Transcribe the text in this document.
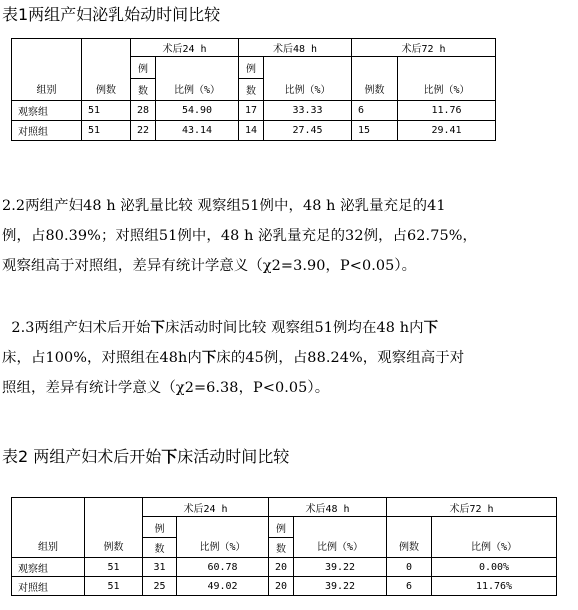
表1两组产妇泌乳始动时间比较
组别	例数	术后24 h		术后48 h		术后72 h	
		例	比例（%）	例	比例（%）	例数	比例（%）
		数		数			
观察组	51	28	54.90	17	33.33	6	11.76
对照组	51	22	43.14	14	27.45	15	29.41
2.2两组产妇48 h 泌乳量比较 观察组51例中，48 h 泌乳量充足的41
例，占80.39%；对照组51例中，48 h 泌乳量充足的32例，占62.75%，
观察组高于对照组，差异有统计学意义（χ2=3.90，P<0.05）。
2.3两组产妇术后开始下床活动时间比较 观察组51例均在48 h内下
床，占100%，对照组在48h内下床的45例，占88.24%，观察组高于对
照组，差异有统计学意义（χ2=6.38，P<0.05）。
表2 两组产妇术后开始下床活动时间比较
组别	例数	术后24 h		术后48 h		术后72 h	
		例	比例（%）	例	比例（%）	例数	比例（%）
		数		数			
观察组	51	31	60.78	20	39.22	0	0.00%
对照组	51	25	49.02	20	39.22	6	11.76%
